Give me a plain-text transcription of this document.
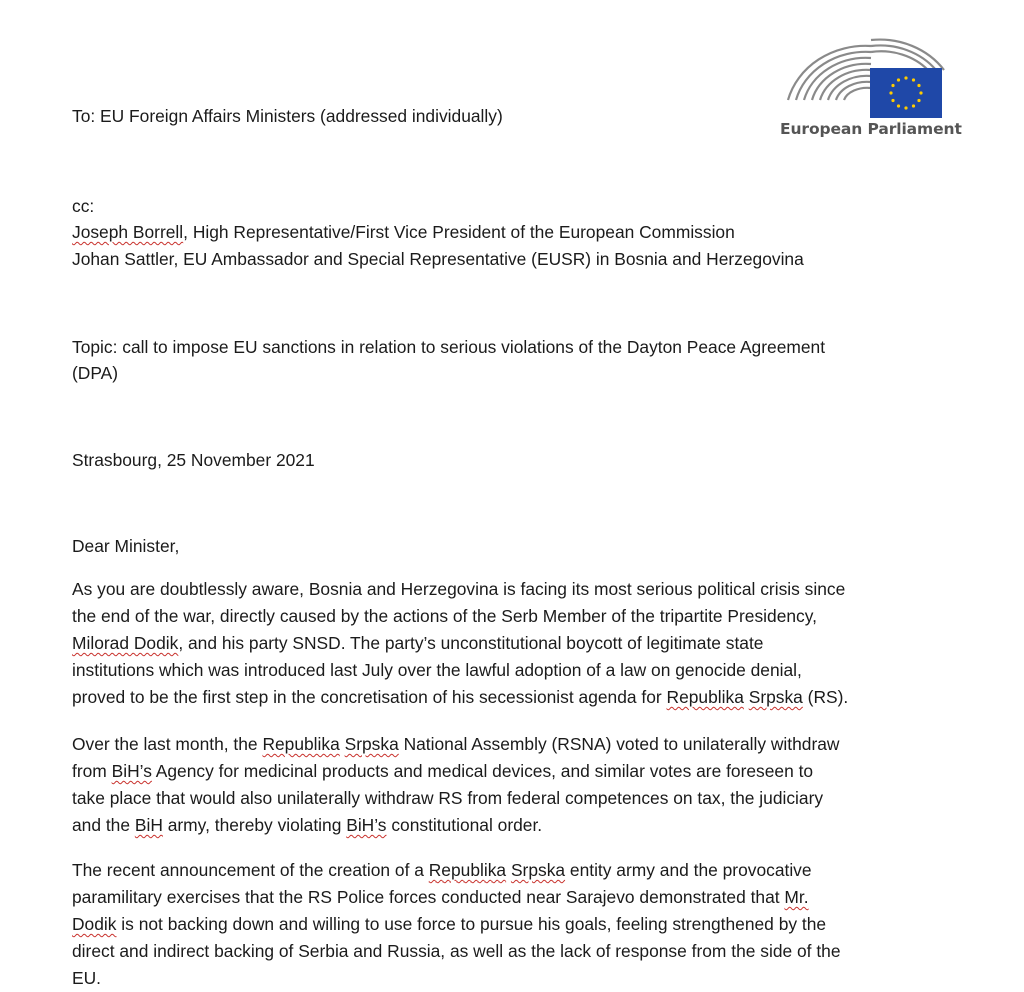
European Parliament
To: EU Foreign Affairs Ministers (addressed individually)
cc:
Joseph Borrell, High Representative/First Vice President of the European Commission
Johan Sattler, EU Ambassador and Special Representative (EUSR) in Bosnia and Herzegovina
Topic: call to impose EU sanctions in relation to serious violations of the Dayton Peace Agreement
(DPA)
Strasbourg, 25 November 2021
Dear Minister,
As you are doubtlessly aware, Bosnia and Herzegovina is facing its most serious political crisis since
the end of the war, directly caused by the actions of the Serb Member of the tripartite Presidency,
Milorad Dodik, and his party SNSD. The party’s unconstitutional boycott of legitimate state
institutions which was introduced last July over the lawful adoption of a law on genocide denial,
proved to be the first step in the concretisation of his secessionist agenda for Republika Srpska (RS).
Over the last month, the Republika Srpska National Assembly (RSNA) voted to unilaterally withdraw
from BiH’s Agency for medicinal products and medical devices, and similar votes are foreseen to
take place that would also unilaterally withdraw RS from federal competences on tax, the judiciary
and the BiH army, thereby violating BiH’s constitutional order.
The recent announcement of the creation of a Republika Srpska entity army and the provocative
paramilitary exercises that the RS Police forces conducted near Sarajevo demonstrated that Mr.
Dodik is not backing down and willing to use force to pursue his goals, feeling strengthened by the
direct and indirect backing of Serbia and Russia, as well as the lack of response from the side of the
EU.
